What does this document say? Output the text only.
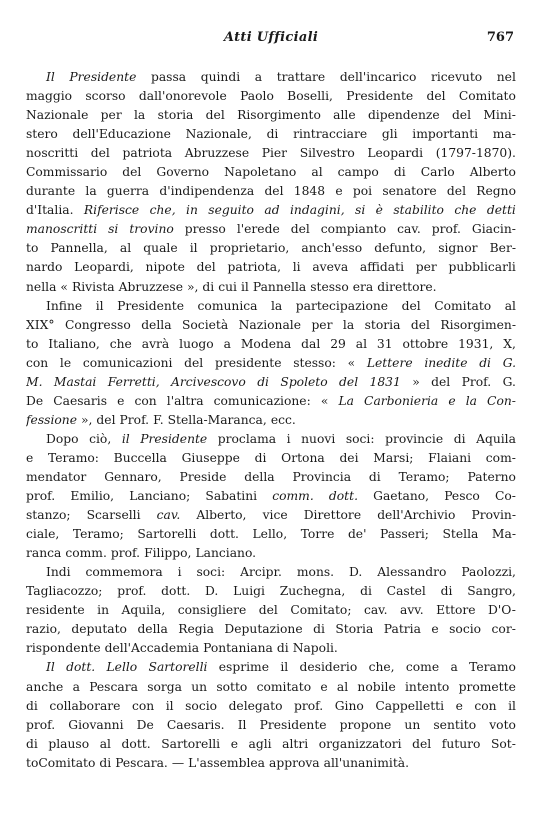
Atti Ufficiali	767
Il Presidente passa quindi a trattare dell'incarico ricevuto nel
maggio scorso dall'onorevole Paolo Boselli, Presidente del Comitato
Nazionale per la storia del Risorgimento alle dipendenze del Mini-
stero dell'Educazione Nazionale, di rintracciare gli importanti ma-
noscritti del patriota Abruzzese Pier Silvestro Leopardi (1797-1870).
Commissario del Governo Napoletano al campo di Carlo Alberto
durante la guerra d'indipendenza del 1848 e poi senatore del Regno
d'Italia. Riferisce che, in seguito ad indagini, si è stabilito che detti
manoscritti si trovino presso l'erede del compianto cav. prof. Giacin-
to Pannella, al quale il proprietario, anch'esso defunto, signor Ber-
nardo Leopardi, nipote del patriota, li aveva affidati per pubblicarli
nella « Rivista Abruzzese », di cui il Pannella stesso era direttore.
Infine il Presidente comunica la partecipazione del Comitato al
XIX° Congresso della Società Nazionale per la storia del Risorgimen-
to Italiano, che avrà luogo a Modena dal 29 al 31 ottobre 1931, X,
con le comunicazioni del presidente stesso: « Lettere inedite di G.
M. Mastai Ferretti, Arcivescovo di Spoleto del 1831 » del Prof. G.
De Caesaris e con l'altra comunicazione: « La Carbonieria e la Con-
fessione », del Prof. F. Stella-Maranca, ecc.
Dopo ciò, il Presidente proclama i nuovi soci: provincie di Aquila
e Teramo: Buccella Giuseppe di Ortona dei Marsi; Flaiani com-
mendator Gennaro, Preside della Provincia di Teramo; Paterno
prof. Emilio, Lanciano; Sabatini comm. dott. Gaetano, Pesco Co-
stanzo; Scarselli cav. Alberto, vice Direttore dell'Archivio Provin-
ciale, Teramo; Sartorelli dott. Lello, Torre de' Passeri; Stella Ma-
ranca comm. prof. Filippo, Lanciano.
Indi commemora i soci: Arcipr. mons. D. Alessandro Paolozzi,
Tagliacozzo; prof. dott. D. Luigi Zuchegna, di Castel di Sangro,
residente in Aquila, consigliere del Comitato; cav. avv. Ettore D'O-
razio, deputato della Regia Deputazione di Storia Patria e socio cor-
rispondente dell'Accademia Pontaniana di Napoli.
Il dott. Lello Sartorelli esprime il desiderio che, come a Teramo
anche a Pescara sorga un sotto comitato e al nobile intento promette
di collaborare con il socio delegato prof. Gino Cappelletti e con il
prof. Giovanni De Caesaris. Il Presidente propone un sentito voto
di plauso al dott. Sartorelli e agli altri organizzatori del futuro Sot-
toComitato di Pescara. — L'assemblea approva all'unanimità.
